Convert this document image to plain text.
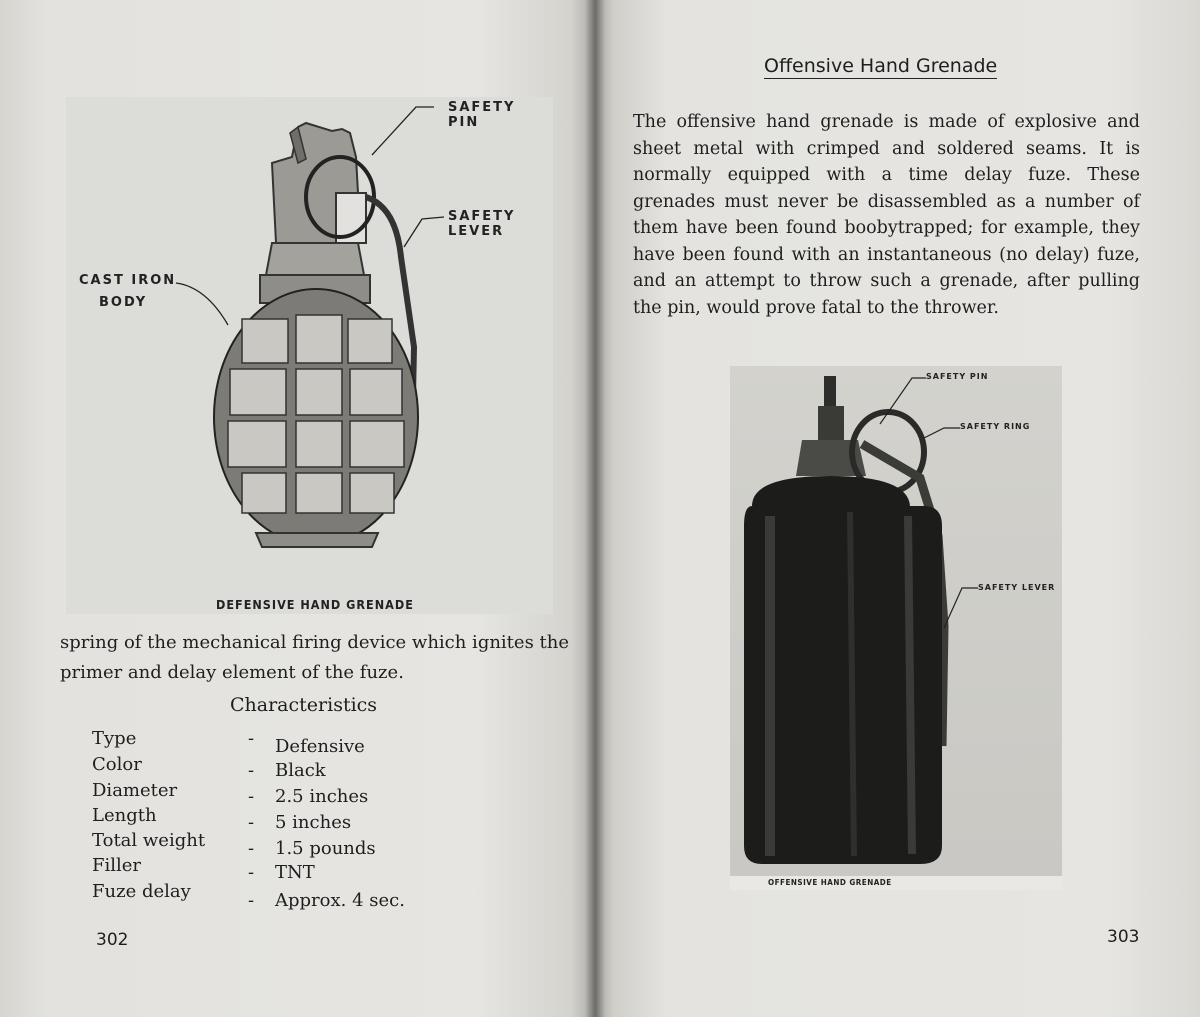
SAFETY PIN
SAFETY LEVER
CAST IRON
BODY
DEFENSIVE HAND GRENADE
spring of the mechanical firing device which ignites the primer and delay element of the fuze.
Characteristics
Type	- Defensive
Color	- Black
Diameter	- 2.5 inches
Length	- 5 inches
Total weight - 1.5 pounds
Filler	- TNT
Fuze delay	- Approx. 4 sec.
302	303
Offensive Hand Grenade
The offensive hand grenade is made of explosive and sheet metal with crimped and soldered seams. It is normally equipped with a time delay fuze. These grenades must never be disassembled as a number of them have been found boobytrapped; for example, they have been found with an instantaneous (no delay) fuze, and an attempt to throw such a grenade, after pulling the pin, would prove fatal to the thrower.
SAFETY PIN
SAFETY RING
SAFETY LEVER
OFFENSIVE HAND GRENADE
